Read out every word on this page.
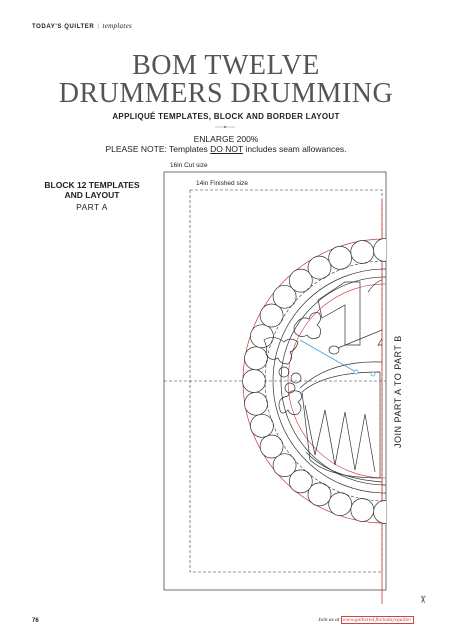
TODAY'S QUILTER | templates
BOM TWELVE
DRUMMERS DRUMMING
APPLIQUÉ TEMPLATES, BLOCK AND BORDER LAYOUT
ENLARGE 200%
PLEASE NOTE: Templates DO NOT includes seam allowances.
BLOCK 12 TEMPLATES
AND LAYOUT
PART A
16in Cut size
14in Finished size
JOIN PART A TO PART B
✂
76	Join us at www.gathered.fm/todaysquilter
